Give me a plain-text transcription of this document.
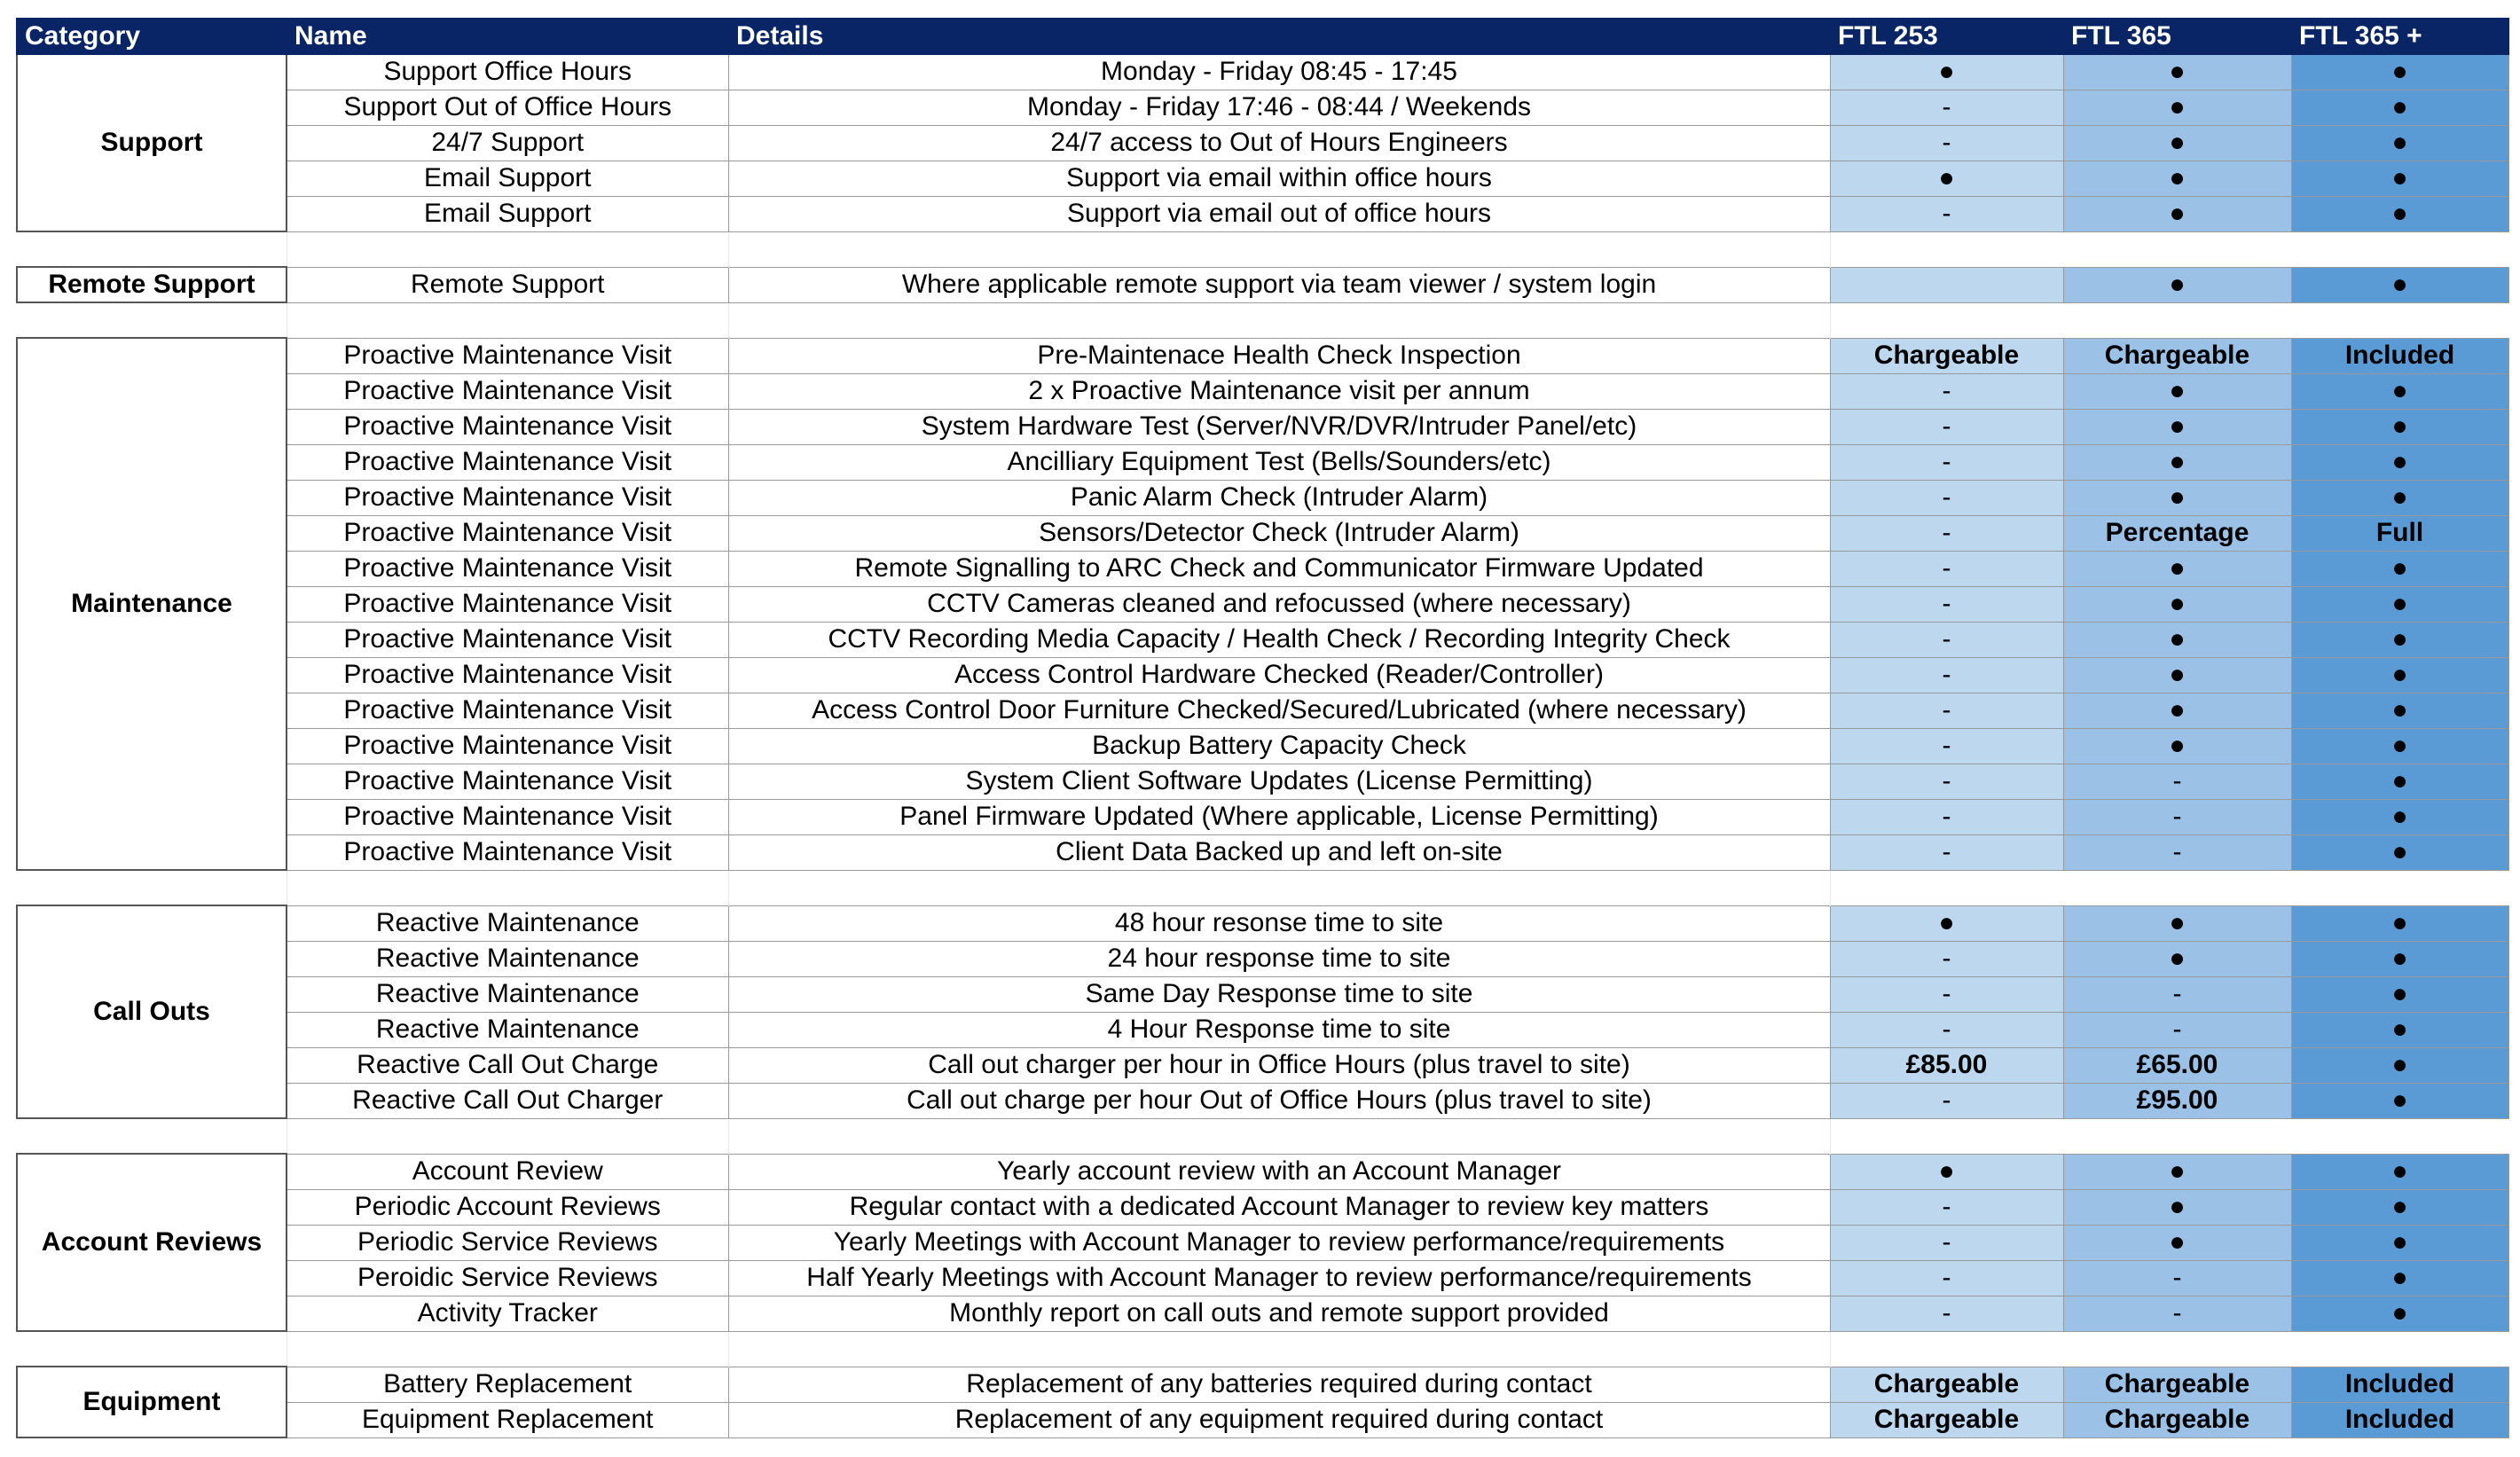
Category	Name	Details	FTL 253	FTL 365	FTL 365 +
Support	Support Office Hours	Monday - Friday 08:45 - 17:45	●	●	●
	Support Out of Office Hours	Monday - Friday 17:46 - 08:44 / Weekends	-	●	●
	24/7 Support	24/7 access to Out of Hours Engineers	-	●	●
	Email Support	Support via email within office hours	●	●	●
	Email Support	Support via email out of office hours	-	●	●

Remote Support	Remote Support	Where applicable remote support via team viewer / system login		●	●

Maintenance	Proactive Maintenance Visit	Pre-Maintenace Health Check Inspection	Chargeable	Chargeable	Included
	Proactive Maintenance Visit	2 x Proactive Maintenance visit per annum	-	●	●
	Proactive Maintenance Visit	System Hardware Test (Server/NVR/DVR/Intruder Panel/etc)	-	●	●
	Proactive Maintenance Visit	Ancilliary Equipment Test (Bells/Sounders/etc)	-	●	●
	Proactive Maintenance Visit	Panic Alarm Check (Intruder Alarm)	-	●	●
	Proactive Maintenance Visit	Sensors/Detector Check (Intruder Alarm)	-	Percentage	Full
	Proactive Maintenance Visit	Remote Signalling to ARC Check and Communicator Firmware Updated	-	●	●
	Proactive Maintenance Visit	CCTV Cameras cleaned and refocussed (where necessary)	-	●	●
	Proactive Maintenance Visit	CCTV Recording Media Capacity / Health Check / Recording Integrity Check	-	●	●
	Proactive Maintenance Visit	Access Control Hardware Checked (Reader/Controller)	-	●	●
	Proactive Maintenance Visit	Access Control Door Furniture Checked/Secured/Lubricated (where necessary)	-	●	●
	Proactive Maintenance Visit	Backup Battery Capacity Check	-	●	●
	Proactive Maintenance Visit	System Client Software Updates (License Permitting)	-	-	●
	Proactive Maintenance Visit	Panel Firmware Updated (Where applicable, License Permitting)	-	-	●
	Proactive Maintenance Visit	Client Data Backed up and left on-site	-	-	●

Call Outs	Reactive Maintenance	48 hour resonse time to site	●	●	●
	Reactive Maintenance	24 hour response time to site	-	●	●
	Reactive Maintenance	Same Day Response time to site	-	-	●
	Reactive Maintenance	4 Hour Response time to site	-	-	●
	Reactive Call Out Charge	Call out charger per hour in Office Hours (plus travel to site)	£85.00	£65.00	●
	Reactive Call Out Charger	Call out charge per hour Out of Office Hours (plus travel to site)	-	£95.00	●

Account Reviews	Account Review	Yearly account review with an Account Manager	●	●	●
	Periodic Account Reviews	Regular contact with a dedicated Account Manager to review key matters	-	●	●
	Periodic Service Reviews	Yearly Meetings with Account Manager to review performance/requirements	-	●	●
	Peroidic Service Reviews	Half Yearly Meetings with Account Manager to review performance/requirements	-	-	●
	Activity Tracker	Monthly report on call outs and remote support provided	-	-	●

Equipment	Battery Replacement	Replacement of any batteries required during contact	Chargeable	Chargeable	Included
	Equipment Replacement	Replacement of any equipment required during contact	Chargeable	Chargeable	Included
